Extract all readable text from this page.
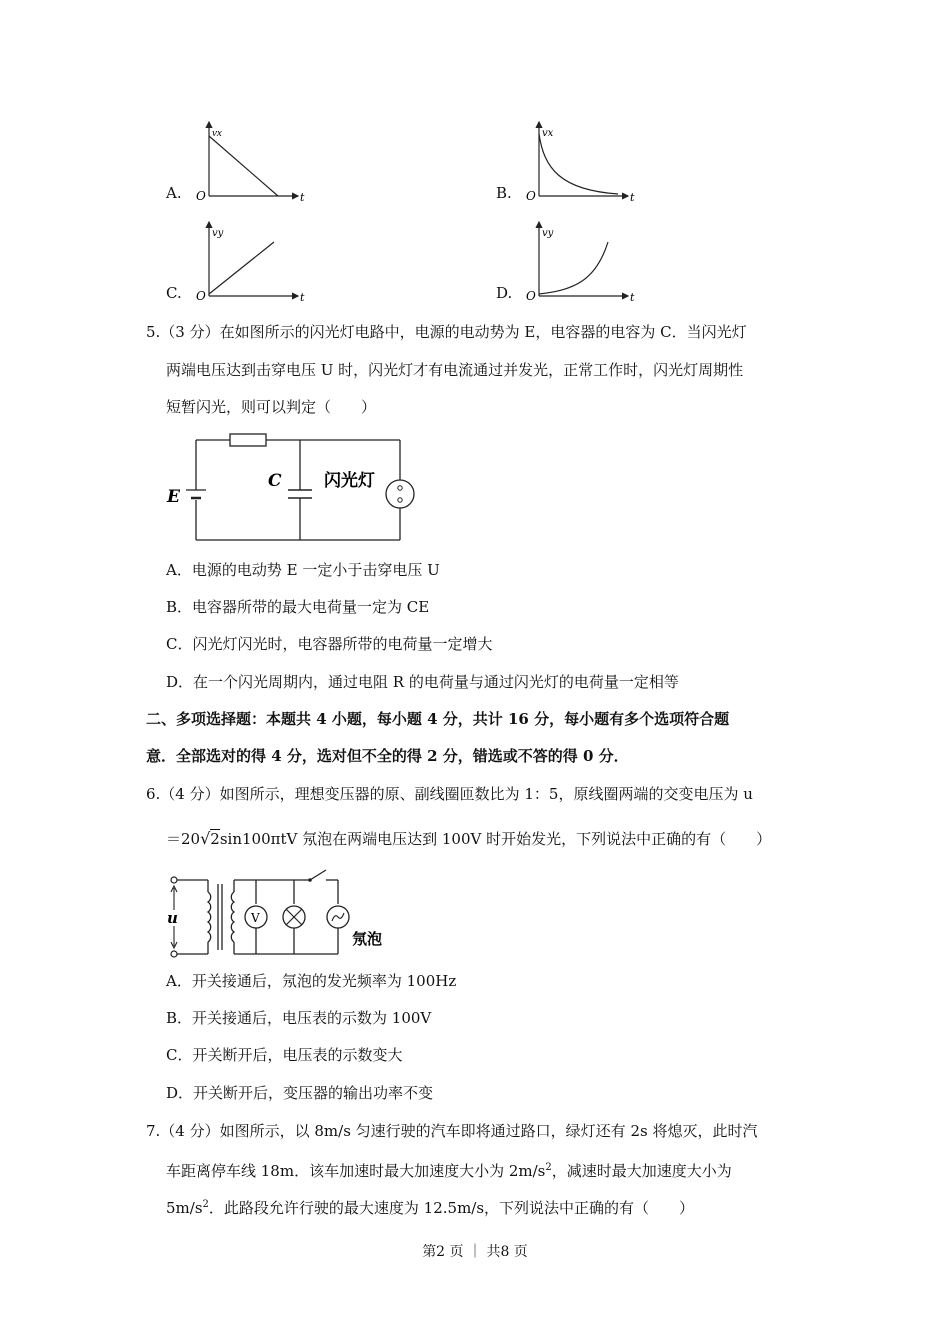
A.
vx
t
O	B.
vx
t
O
C.
vy
t
O	D.
vy
t
O
5.（3 分）在如图所示的闪光灯电路中，电源的电动势为 E，电容器的电容为 C．当闪光灯
两端电压达到击穿电压 U 时，闪光灯才有电流通过并发光，正常工作时，闪光灯周期性
短暂闪光，则可以判定（　　）
E
C 闪光灯
A．电源的电动势 E 一定小于击穿电压 U
B．电容器所带的最大电荷量一定为 CE
C．闪光灯闪光时，电容器所带的电荷量一定增大
D．在一个闪光周期内，通过电阻 R 的电荷量与通过闪光灯的电荷量一定相等
二、多项选择题：本题共 4 小题，每小题 4 分，共计 16 分，每小题有多个选项符合题
意．全部选对的得 4 分，选对但不全的得 2 分，错选或不答的得 0 分．
6.（4 分）如图所示，理想变压器的原、副线圈匝数比为 1：5，原线圈两端的交变电压为 u
＝20√2sin100πtV 氖泡在两端电压达到 100V 时开始发光，下列说法中正确的有（　　）
u	V
氖泡
A．开关接通后，氖泡的发光频率为 100Hz
B．开关接通后，电压表的示数为 100V
C．开关断开后，电压表的示数变大
D．开关断开后，变压器的输出功率不变
7.（4 分）如图所示，以 8m/s 匀速行驶的汽车即将通过路口，绿灯还有 2s 将熄灭，此时汽
车距离停车线 18m．该车加速时最大加速度大小为 $2m/s^2$，减速时最大加速度大小为
$5m/s^2$．此路段允许行驶的最大速度为 12.5m/s，下列说法中正确的有（　　）
第2 页 ｜ 共8 页
